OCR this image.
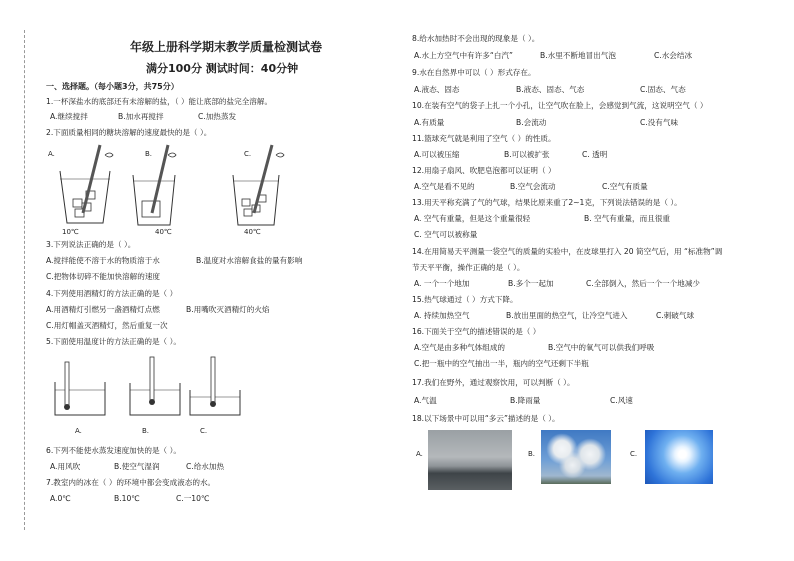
年级上册科学期末教学质量检测试卷
满分100分 测试时间：40分钟
一、选择题。（每小题3分，共75分）
1.一杯深盐水的底部还有未溶解的盐，（ ）能让底部的盐完全溶解。
A.继续搅拌	B.加水再搅拌	C.加热蒸发
2.下面质量相同的糖块溶解的速度最快的是（ ）。
A.	B.	C.
10℃	40℃	40℃
3.下列说法正确的是（ ）。
A.搅拌能使不溶于水的物质溶于水	B.温度对水溶解食盐的量有影响
C.把物体切碎不能加快溶解的速度
4.下列使用酒精灯的方法正确的是（ ）
A.用酒精灯引燃另一盏酒精灯点燃	B.用嘴吹灭酒精灯的火焰
C.用灯帽盖灭酒精灯，然后重复一次
5.下面使用温度计的方法正确的是（ ）。
A.	B.	C.
6.下列不能使水蒸发速度加快的是（ ）。
A.用风吹	B.使空气湿润	C.给水加热
7.教室内的冰在（ ）的环境中都会变成液态的水。
A.0℃	B.10℃	C.一10℃
8.给水加热时不会出现的现象是（ ）。
A.水上方空气中有许多“白汽”	B.水里不断地冒出气泡	C.水会结冰
9.水在自然界中可以（ ）形式存在。
A.液态、固态	B.液态、固态、气态	C.固态、气态
10.在装有空气的袋子上扎一个小孔，让空气吹在脸上，会感觉到气流，这说明空气（ ）
A.有质量	B.会流动	C.没有气味
11.篮球充气就是利用了空气（ ）的性质。
A.可以被压缩	B.可以被扩张	C. 透明
12.用扇子扇风、吹肥皂泡都可以证明（ ）
A.空气是看不见的	B.空气会流动	C.空气有质量
13.用天平称充满了气的气球，结果比原来重了2~1克，下列说法错误的是（ ）。
A. 空气有重量，但是这个重量很轻	B. 空气有重量，而且很重
C. 空气可以被称量
14.在用简易天平测量一袋空气的质量的实验中，在皮球里打入 20 简空气后，用 “标准物”调
节天平平衡，操作正确的是（ ）。
A. 一个一个地加	B.多个一起加	C.全部倒入，然后一个一个地减少
15.热气球通过（ ）方式下降。
A. 持续加热空气	B.放出里面的热空气，让冷空气进入	C.刺破气球
16.下面关于空气的描述错误的是（ ）
A.空气是由多种气体组成的	B.空气中的氧气可以供我们呼吸
C.把一瓶中的空气抽出一半，瓶内的空气还剩下半瓶
17.我们在野外，通过观察饮用，可以判断（ ）。
A.气温	B.降雨量	C.风速
18.以下场景中可以用“多云”描述的是（ ）。
A.	B.	C.
